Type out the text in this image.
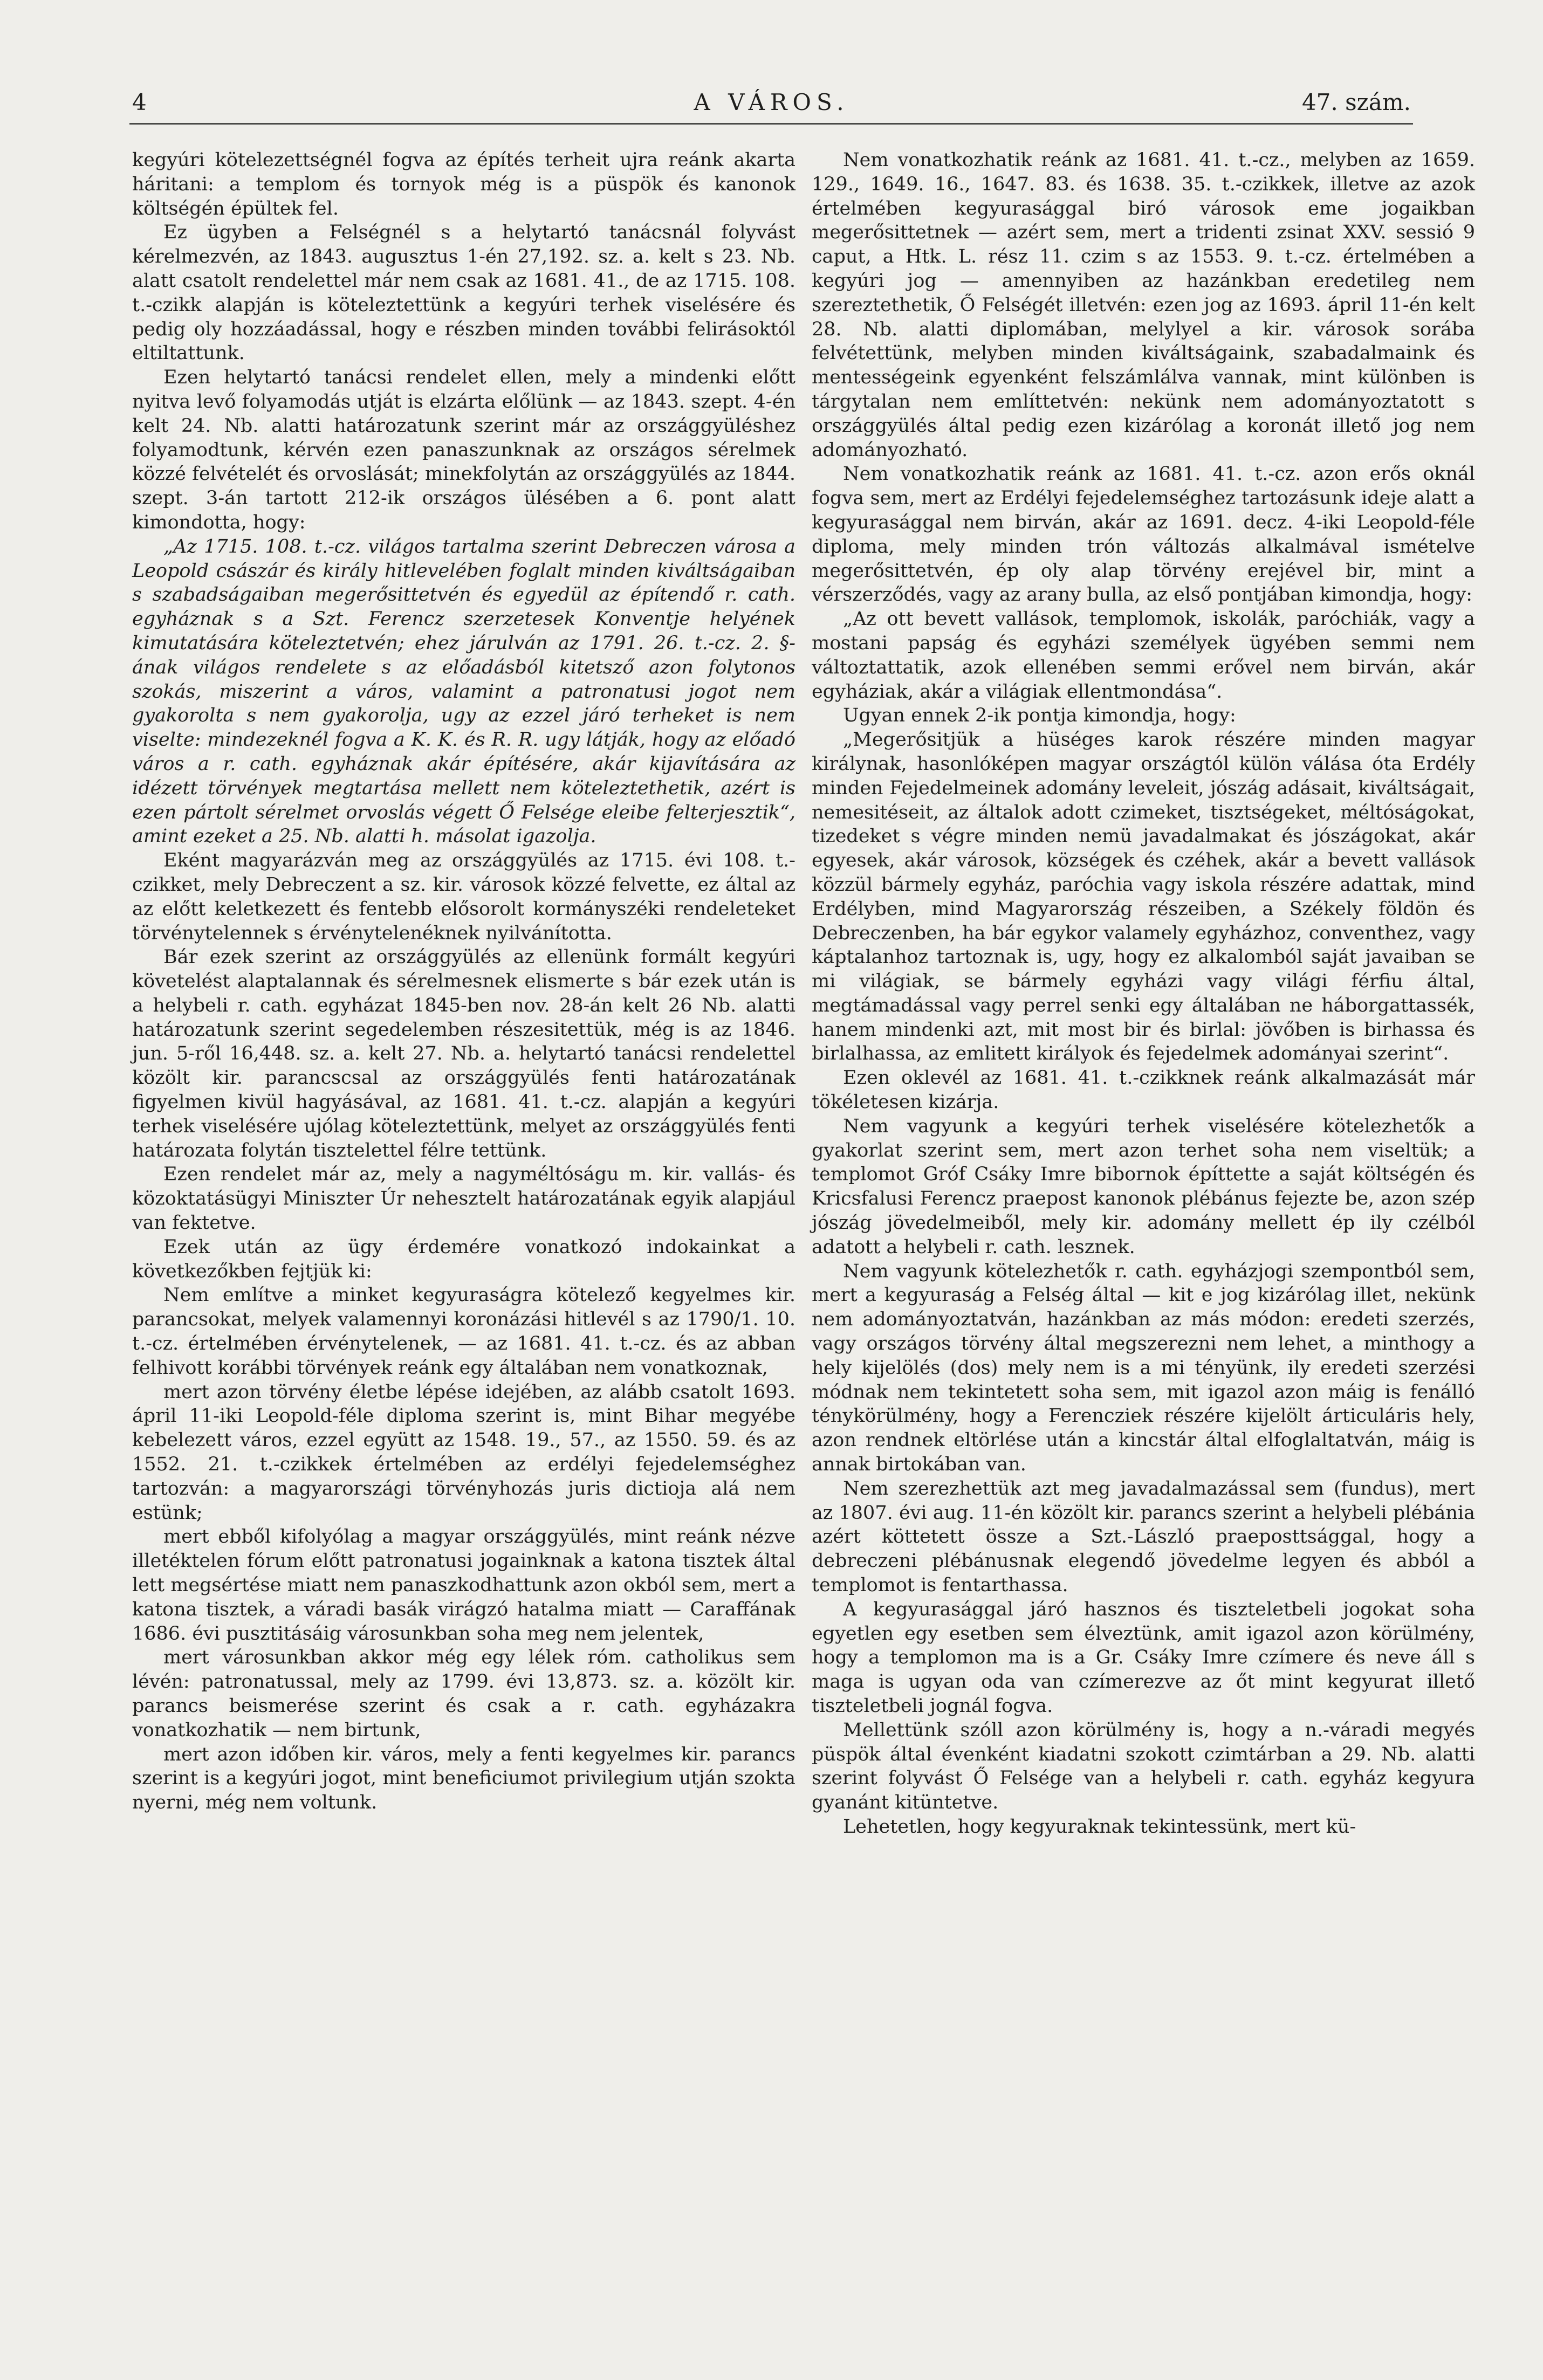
4	A VÁROS.	47. szám.

kegyúri kötelezettségnél fogva az építés terheit ujra reánk akarta háritani: a templom és tornyok még is a püspök és kanonok költségén épültek fel.

Ez ügyben a Felségnél s a helytartó tanácsnál folyvást kérelmezvén, az 1843. augusztus 1-én 27,192. sz. a. kelt s 23. Nb. alatt csatolt rendelettel már nem csak az 1681. 41., de az 1715. 108. t.-czikk alapján is köteleztettünk a kegyúri terhek viselésére és pedig oly hozzáadással, hogy e részben minden további felirásoktól eltiltattunk.

Ezen helytartó tanácsi rendelet ellen, mely a mindenki előtt nyitva levő folyamodás utját is elzárta előlünk — az 1843. szept. 4-én kelt 24. Nb. alatti határozatunk szerint már az országgyüléshez folyamodtunk, kérvén ezen panaszunknak az országos sérelmek közzé felvételét és orvoslását; minekfolytán az országgyülés az 1844. szept. 3-án tartott 212-ik országos ülésében a 6. pont alatt kimondotta, hogy:

„Az 1715. 108. t.-cz. világos tartalma szerint Debreczen városa a Leopold császár és király hitlevelében foglalt minden kiváltságaiban s szabadságaiban megerősittetvén és egyedül az építendő r. cath. egyháznak s a Szt. Ferencz szerzetesek Konventje helyének kimutatására köteleztetvén; ehez járulván az 1791. 26. t.-cz. 2. §-ának világos rendelete s az előadásból kitetsző azon folytonos szokás, miszerint a város, valamint a patronatusi jogot nem gyakorolta s nem gyakorolja, ugy az ezzel járó terheket is nem viselte: mindezeknél fogva a K. K. és R. R. ugy látják, hogy az előadó város a r. cath. egyháznak akár építésére, akár kijavítására az idézett törvények megtartása mellett nem köteleztethetik, azért is ezen pártolt sérelmet orvoslás végett Ő Felsége eleibe felterjesztik“, amint ezeket a 25. Nb. alatti h. másolat igazolja.

Eként magyarázván meg az országgyülés az 1715. évi 108. t.-czikket, mely Debreczent a sz. kir. városok közzé felvette, ez által az az előtt keletkezett és fentebb elősorolt kormányszéki rendeleteket törvénytelennek s érvénytelenéknek nyilvánította.

Bár ezek szerint az országgyülés az ellenünk formált kegyúri követelést alaptalannak és sérelmesnek elismerte s bár ezek után is a helybeli r. cath. egyházat 1845-ben nov. 28-án kelt 26 Nb. alatti határozatunk szerint segedelemben részesitettük, még is az 1846. jun. 5-ről 16,448. sz. a. kelt 27. Nb. a. helytartó tanácsi rendelettel közölt kir. parancscsal az országgyülés fenti határozatának figyelmen kivül hagyásával, az 1681. 41. t.-cz. alapján a kegyúri terhek viselésére ujólag köteleztettünk, melyet az országgyülés fenti határozata folytán tisztelettel félre tettünk.

Ezen rendelet már az, mely a nagyméltóságu m. kir. vallás- és közoktatásügyi Miniszter Úr nehesztelt határozatának egyik alapjául van fektetve.

Ezek után az ügy érdemére vonatkozó indokainkat a következőkben fejtjük ki:

Nem említve a minket kegyuraságra kötelező kegyelmes kir. parancsokat, melyek valamennyi koronázási hitlevél s az 1790/1. 10. t.-cz. értelmében érvénytelenek, — az 1681. 41. t.-cz. és az abban felhivott korábbi törvények reánk egy általában nem vonatkoznak,

mert azon törvény életbe lépése idejében, az alább csatolt 1693. ápril 11-iki Leopold-féle diploma szerint is, mint Bihar megyébe kebelezett város, ezzel együtt az 1548. 19., 57., az 1550. 59. és az 1552. 21. t.-czikkek értelmében az erdélyi fejedelemséghez tartozván: a magyarországi törvényhozás juris dictioja alá nem estünk;

mert ebből kifolyólag a magyar országgyülés, mint reánk nézve illetéktelen fórum előtt patronatusi jogainknak a katona tisztek által lett megsértése miatt nem panaszkodhattunk azon okból sem, mert a katona tisztek, a váradi basák virágzó hatalma miatt — Caraffának 1686. évi pusztitásáig városunkban soha meg nem jelentek,

mert városunkban akkor még egy lélek róm. catholikus sem lévén: patronatussal, mely az 1799. évi 13,873. sz. a. közölt kir. parancs beismerése szerint és csak a r. cath. egyházakra vonatkozhatik — nem birtunk,

mert azon időben kir. város, mely a fenti kegyelmes kir. parancs szerint is a kegyúri jogot, mint beneficiumot privilegium utján szokta nyerni, még nem voltunk.

Nem vonatkozhatik reánk az 1681. 41. t.-cz., melyben az 1659. 129., 1649. 16., 1647. 83. és 1638. 35. t.-czikkek, illetve az azok értelmében kegyurasággal biró városok eme jogaikban megerősittetnek — azért sem, mert a tridenti zsinat XXV. sessió 9 caput, a Htk. L. rész 11. czim s az 1553. 9. t.-cz. értelmében a kegyúri jog — amennyiben az hazánkban eredetileg nem szereztethetik, Ő Felségét illetvén: ezen jog az 1693. ápril 11-én kelt 28. Nb. alatti diplomában, melylyel a kir. városok sorába felvétettünk, melyben minden kiváltságaink, szabadalmaink és mentességeink egyenként felszámlálva vannak, mint különben is tárgytalan nem említtetvén: nekünk nem adományoztatott s országgyülés által pedig ezen kizárólag a koronát illető jog nem adományozható.

Nem vonatkozhatik reánk az 1681. 41. t.-cz. azon erős oknál fogva sem, mert az Erdélyi fejedelemséghez tartozásunk ideje alatt a kegyurasággal nem birván, akár az 1691. decz. 4-iki Leopold-féle diploma, mely minden trón változás alkalmával ismételve megerősittetvén, ép oly alap törvény erejével bir, mint a vérszerződés, vagy az arany bulla, az első pontjában kimondja, hogy:

„Az ott bevett vallások, templomok, iskolák, paróchiák, vagy a mostani papság és egyházi személyek ügyében semmi nem változtattatik, azok ellenében semmi erővel nem birván, akár egyháziak, akár a világiak ellentmondása“.

Ugyan ennek 2-ik pontja kimondja, hogy:

„Megerősitjük a hüséges karok részére minden magyar királynak, hasonlóképen magyar országtól külön válása óta Erdély minden Fejedelmeinek adomány leveleit, jószág adásait, kiváltságait, nemesitéseit, az általok adott czimeket, tisztségeket, méltóságokat, tizedeket s végre minden nemü javadalmakat és jószágokat, akár egyesek, akár városok, községek és czéhek, akár a bevett vallások közzül bármely egyház, paróchia vagy iskola részére adattak, mind Erdélyben, mind Magyarország részeiben, a Székely földön és Debreczenben, ha bár egykor valamely egyházhoz, conventhez, vagy káptalanhoz tartoznak is, ugy, hogy ez alkalomból saját javaiban se mi világiak, se bármely egyházi vagy világi férfiu által, megtámadással vagy perrel senki egy általában ne háborgattassék, hanem mindenki azt, mit most bir és birlal: jövőben is birhassa és birlalhassa, az emlitett királyok és fejedelmek adományai szerint“.

Ezen oklevél az 1681. 41. t.-czikknek reánk alkalmazását már tökéletesen kizárja.

Nem vagyunk a kegyúri terhek viselésére kötelezhetők a gyakorlat szerint sem, mert azon terhet soha nem viseltük; a templomot Gróf Csáky Imre bibornok építtette a saját költségén és Kricsfalusi Ferencz praepost kanonok plébánus fejezte be, azon szép jószág jövedelmeiből, mely kir. adomány mellett ép ily czélból adatott a helybeli r. cath. lesznek.

Nem vagyunk kötelezhetők r. cath. egyházjogi szempontból sem, mert a kegyuraság a Felség által — kit e jog kizárólag illet, nekünk nem adományoztatván, hazánkban az más módon: eredeti szerzés, vagy országos törvény által megszerezni nem lehet, a minthogy a hely kijelölés (dos) mely nem is a mi tényünk, ily eredeti szerzési módnak nem tekintetett soha sem, mit igazol azon máig is fenálló ténykörülmény, hogy a Ferencziek részére kijelölt árticuláris hely, azon rendnek eltörlése után a kincstár által elfoglaltatván, máig is annak birtokában van.

Nem szerezhettük azt meg javadalmazással sem (fundus), mert az 1807. évi aug. 11-én közölt kir. parancs szerint a helybeli plébánia azért köttetett össze a Szt.-László praeposttsággal, hogy a debreczeni plébánusnak elegendő jövedelme legyen és abból a templomot is fentarthassa.

A kegyurasággal járó hasznos és tiszteletbeli jogokat soha egyetlen egy esetben sem élveztünk, amit igazol azon körülmény, hogy a templomon ma is a Gr. Csáky Imre czímere és neve áll s maga is ugyan oda van czímerezve az őt mint kegyurat illető tiszteletbeli jognál fogva.

Mellettünk szóll azon körülmény is, hogy a n.-váradi megyés püspök által évenként kiadatni szokott czimtárban a 29. Nb. alatti szerint folyvást Ő Felsége van a helybeli r. cath. egyház kegyura gyanánt kitüntetve.

Lehetetlen, hogy kegyuraknak tekintessünk, mert kü-
